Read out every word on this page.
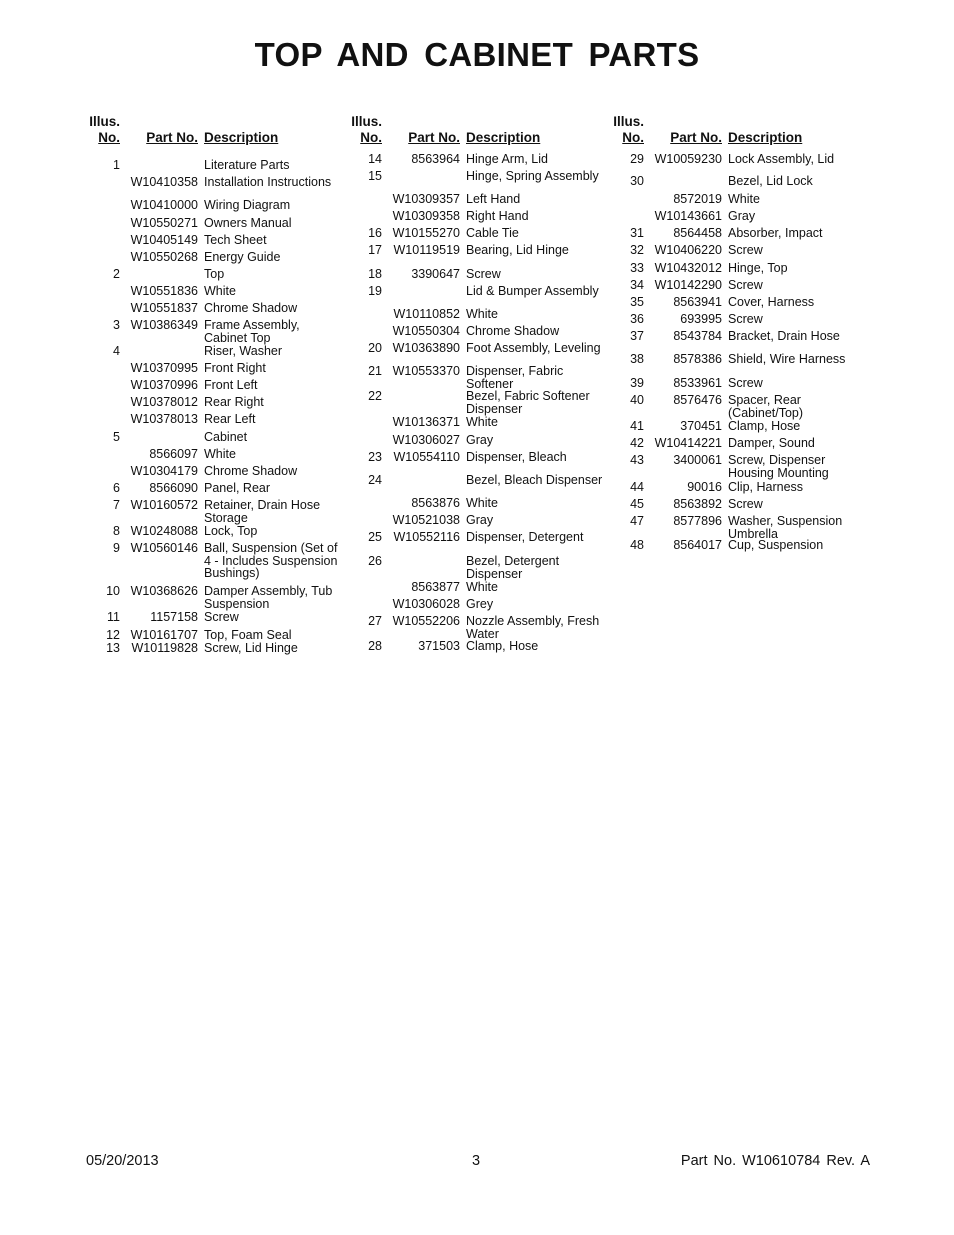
TOP AND CABINET PARTS
Illus.
No.	Part No. Description
1	Literature Parts
W10410358 Installation Instructions
W10410000 Wiring Diagram
W10550271 Owners Manual
W10405149 Tech Sheet
W10550268 Energy Guide
2	Top
W10551836 White
W10551837 Chrome Shadow
3 W10386349 Frame Assembly, Cabinet Top
4	Riser, Washer
W10370995 Front Right
W10370996 Front Left
W10378012 Rear Right
W10378013 Rear Left
5	Cabinet
8566097 White
W10304179 Chrome Shadow
6	8566090 Panel, Rear
7 W10160572 Retainer, Drain Hose Storage
8 W10248088 Lock, Top
9 W10560146 Ball, Suspension (Set of 4 - Includes Suspension Bushings)
10 W10368626 Damper Assembly, Tub Suspension
11	1157158 Screw
12 W10161707 Top, Foam Seal
13 W10119828 Screw, Lid Hinge
Illus.
No.	Part No. Description
14	8563964 Hinge Arm, Lid
15	Hinge, Spring Assembly
W10309357 Left Hand
W10309358 Right Hand
16 W10155270 Cable Tie
17 W10119519 Bearing, Lid Hinge
18	3390647 Screw
19	Lid & Bumper Assembly
W10110852 White
W10550304 Chrome Shadow
20 W10363890 Foot Assembly, Leveling
21 W10553370 Dispenser, Fabric Softener
22	Bezel, Fabric Softener Dispenser
W10136371 White
W10306027 Gray
23 W10554110 Dispenser, Bleach
24	Bezel, Bleach Dispenser
8563876 White
W10521038 Gray
25 W10552116 Dispenser, Detergent
26	Bezel, Detergent Dispenser
8563877 White
W10306028 Grey
27 W10552206 Nozzle Assembly, Fresh Water
28	371503 Clamp, Hose
Illus.
No.	Part No. Description
29 W10059230 Lock Assembly, Lid
30	Bezel, Lid Lock
8572019 White
W10143661 Gray
31	8564458 Absorber, Impact
32 W10406220 Screw
33 W10432012 Hinge, Top
34 W10142290 Screw
35	8563941 Cover, Harness
36	693995 Screw
37	8543784 Bracket, Drain Hose
38	8578386 Shield, Wire Harness
39	8533961 Screw
40	8576476 Spacer, Rear (Cabinet/Top)
41	370451 Clamp, Hose
42 W10414221 Damper, Sound
43	3400061 Screw, Dispenser Housing Mounting
44	90016 Clip, Harness
45	8563892 Screw
47	8577896 Washer, Suspension Umbrella
48	8564017 Cup, Suspension
05/20/2013	3	Part No. W10610784 Rev. A
